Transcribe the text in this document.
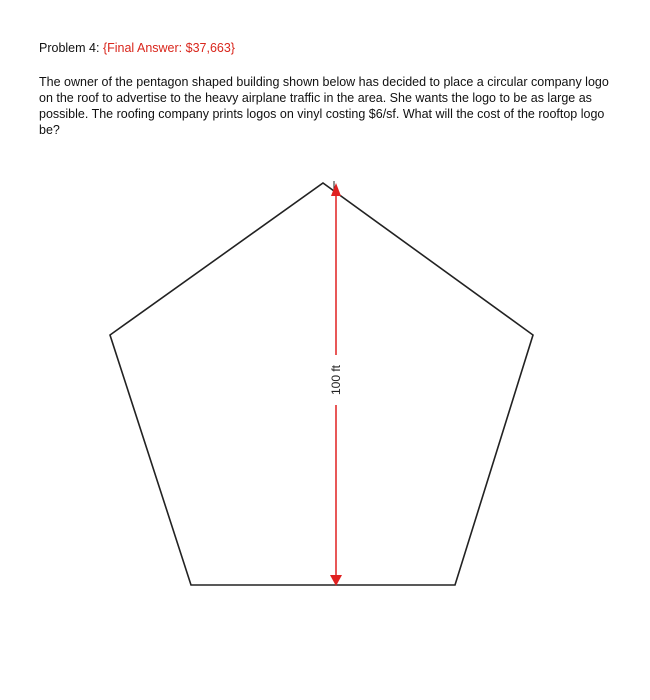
Problem 4: {Final Answer: $37,663}

The owner of the pentagon shaped building shown below has decided to place a circular company logo
on the roof to advertise to the heavy airplane traffic in the area. She wants the logo to be as large as
possible. The roofing company prints logos on vinyl costing $6/sf. What will the cost of the rooftop logo
be?

100 ft
